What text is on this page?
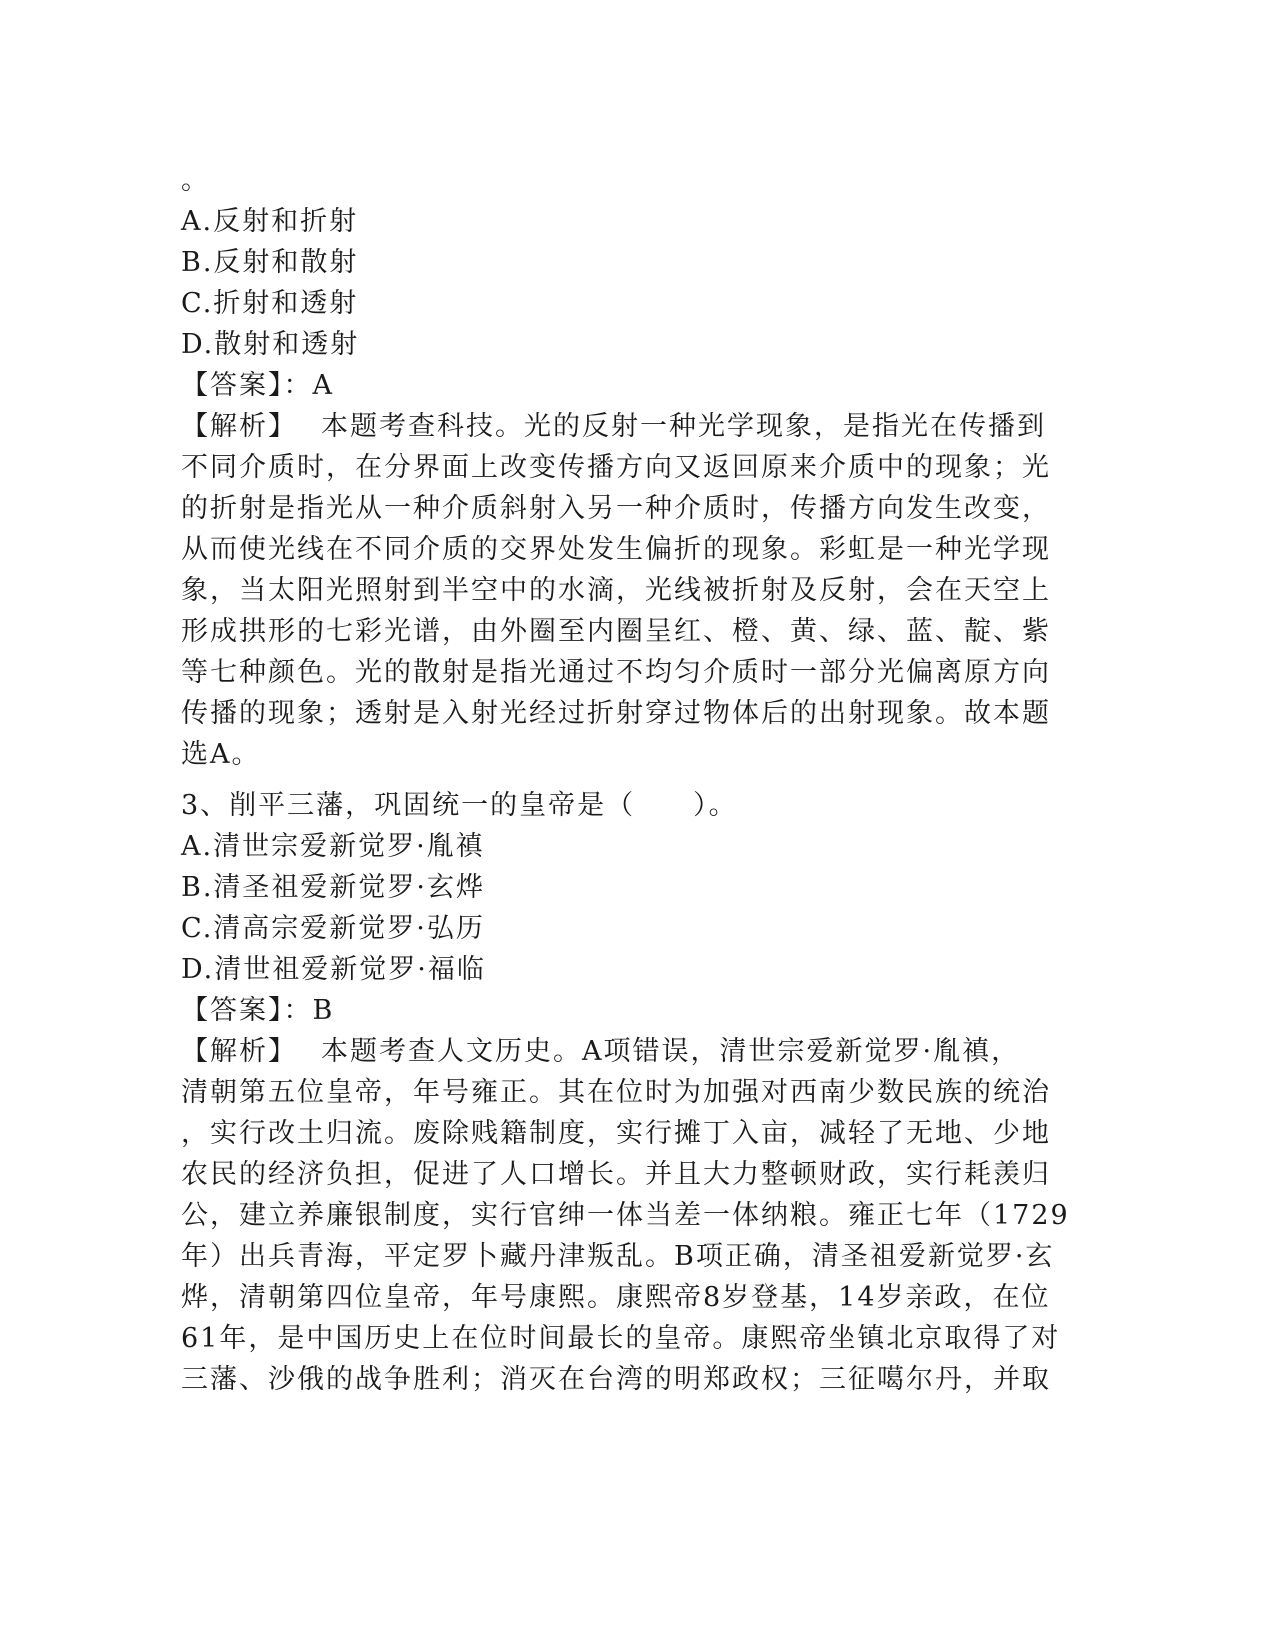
。
A.反射和折射
B.反射和散射
C.折射和透射
D.散射和透射
【答案】：A
【解析】 本题考查科技。光的反射一种光学现象，是指光在传播到
不同介质时，在分界面上改变传播方向又返回原来介质中的现象；光
的折射是指光从一种介质斜射入另一种介质时，传播方向发生改变，
从而使光线在不同介质的交界处发生偏折的现象。彩虹是一种光学现
象，当太阳光照射到半空中的水滴，光线被折射及反射，会在天空上
形成拱形的七彩光谱，由外圈至内圈呈红、橙、黄、绿、蓝、靛、紫
等七种颜色。光的散射是指光通过不均匀介质时一部分光偏离原方向
传播的现象；透射是入射光经过折射穿过物体后的出射现象。故本题
选A。
3、削平三藩，巩固统一的皇帝是（　　）。
A.清世宗爱新觉罗·胤禛
B.清圣祖爱新觉罗·玄烨
C.清高宗爱新觉罗·弘历
D.清世祖爱新觉罗·福临
【答案】：B
【解析】 本题考查人文历史。A项错误，清世宗爱新觉罗·胤禛，
清朝第五位皇帝，年号雍正。其在位时为加强对西南少数民族的统治
，实行改土归流。废除贱籍制度，实行摊丁入亩，减轻了无地、少地
农民的经济负担，促进了人口增长。并且大力整顿财政，实行耗羡归
公，建立养廉银制度，实行官绅一体当差一体纳粮。雍正七年（1729
年）出兵青海，平定罗卜藏丹津叛乱。B项正确，清圣祖爱新觉罗·玄
烨，清朝第四位皇帝，年号康熙。康熙帝8岁登基，14岁亲政，在位
61年，是中国历史上在位时间最长的皇帝。康熙帝坐镇北京取得了对
三藩、沙俄的战争胜利；消灭在台湾的明郑政权；三征噶尔丹，并取
